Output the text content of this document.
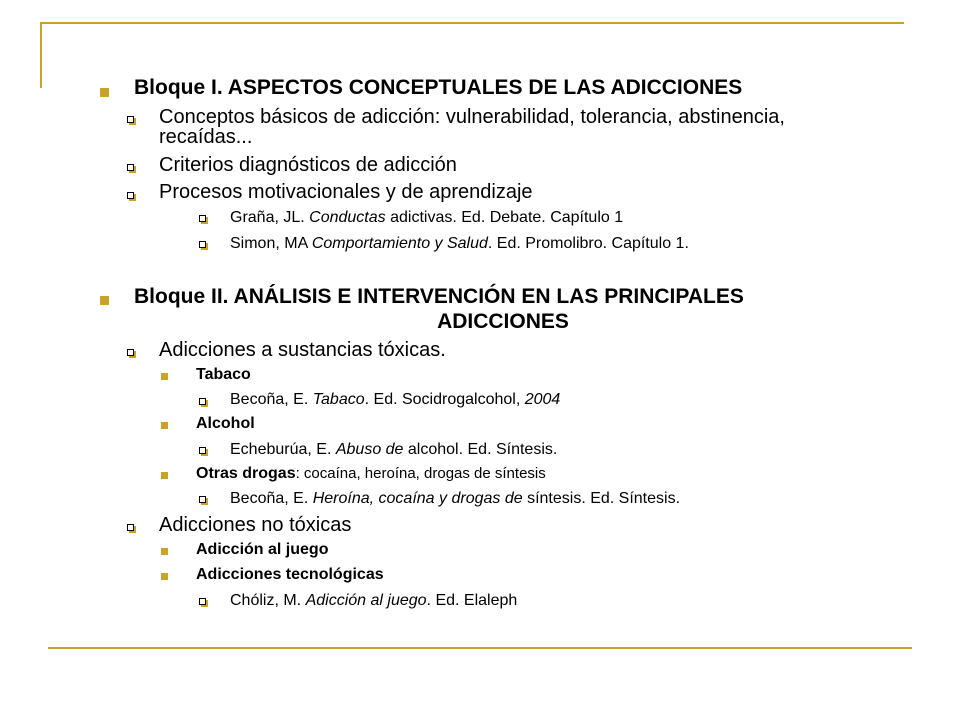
Bloque I. ASPECTOS CONCEPTUALES DE LAS ADICCIONES
Conceptos básicos de adicción: vulnerabilidad, tolerancia, abstinencia,
recaídas...
Criterios diagnósticos de adicción
Procesos motivacionales y de aprendizaje
Graña, JL. Conductas adictivas. Ed. Debate. Capítulo 1
Simon, MA Comportamiento y Salud. Ed. Promolibro. Capítulo 1.
Bloque II. ANÁLISIS E INTERVENCIÓN EN LAS PRINCIPALES
ADICCIONES
Adicciones a sustancias tóxicas.
Tabaco
Becoña, E. Tabaco. Ed. Socidrogalcohol, 2004
Alcohol
Echeburúa, E. Abuso de alcohol. Ed. Síntesis.
Otras drogas: cocaína, heroína, drogas de síntesis
Becoña, E. Heroína, cocaína y drogas de síntesis. Ed. Síntesis.
Adicciones no tóxicas
Adicción al juego
Adicciones tecnológicas
Chóliz, M. Adicción al juego. Ed. Elaleph
